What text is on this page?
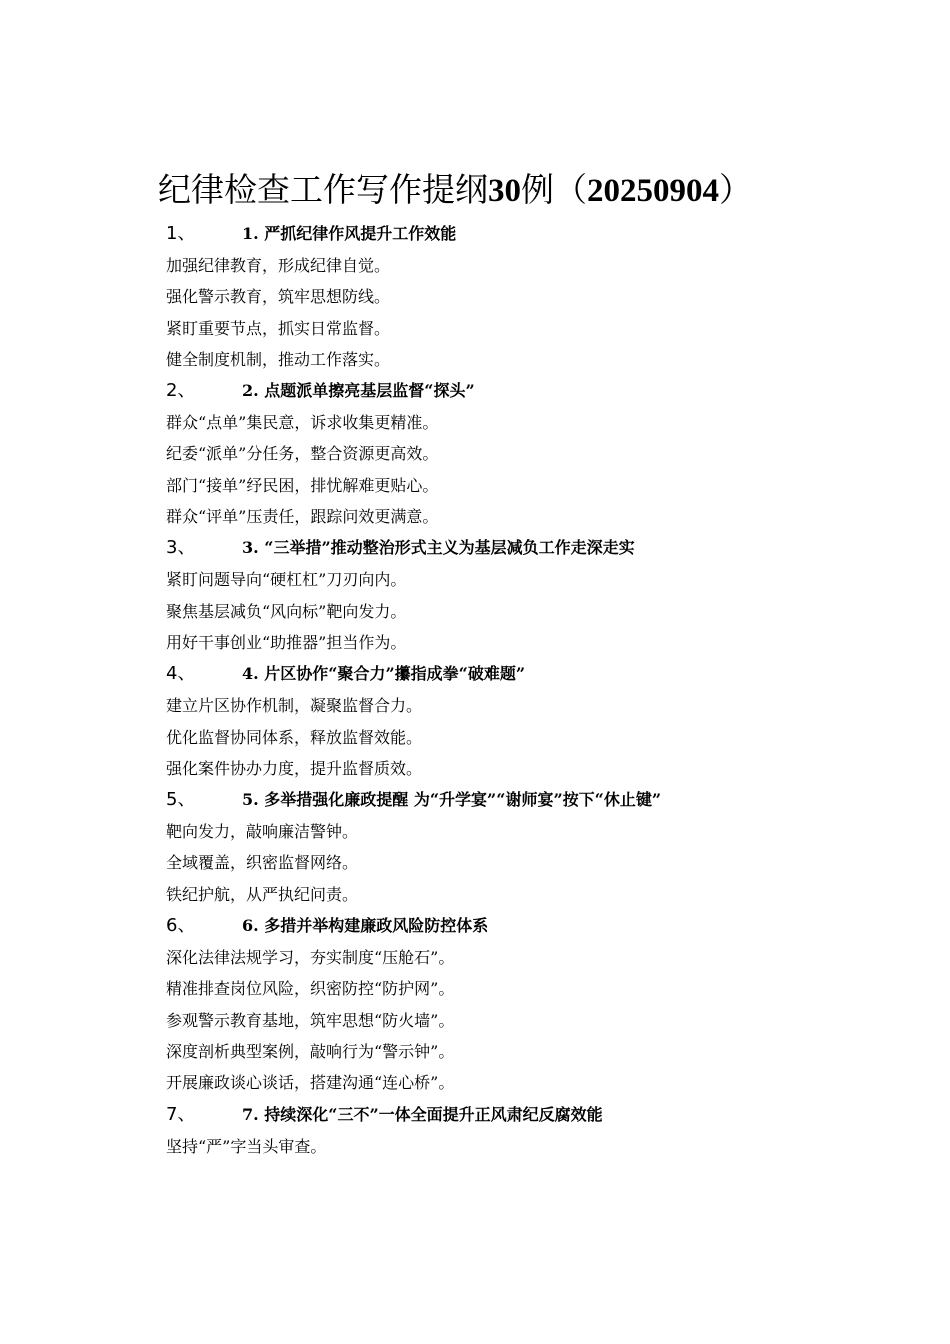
纪律检查工作写作提纲30例（20250904）
1、	1. 严抓纪律作风提升工作效能
加强纪律教育，形成纪律自觉。
强化警示教育，筑牢思想防线。
紧盯重要节点，抓实日常监督。
健全制度机制，推动工作落实。
2、	2. 点题派单擦亮基层监督“探头”
群众“点单”集民意，诉求收集更精准。
纪委“派单”分任务，整合资源更高效。
部门“接单”纾民困，排忧解难更贴心。
群众“评单”压责任，跟踪问效更满意。
3、	3. “三举措”推动整治形式主义为基层减负工作走深走实
紧盯问题导向“硬杠杠”刀刃向内。
聚焦基层减负“风向标”靶向发力。
用好干事创业“助推器”担当作为。
4、	4. 片区协作“聚合力”攥指成拳“破难题”
建立片区协作机制，凝聚监督合力。
优化监督协同体系，释放监督效能。
强化案件协办力度，提升监督质效。
5、	5. 多举措强化廉政提醒 为“升学宴”“谢师宴”按下“休止键”
靶向发力，敲响廉洁警钟。
全域覆盖，织密监督网络。
铁纪护航，从严执纪问责。
6、	6. 多措并举构建廉政风险防控体系
深化法律法规学习，夯实制度“压舱石”。
精准排查岗位风险，织密防控“防护网”。
参观警示教育基地，筑牢思想“防火墙”。
深度剖析典型案例，敲响行为“警示钟”。
开展廉政谈心谈话，搭建沟通“连心桥”。
7、	7. 持续深化“三不”一体全面提升正风肃纪反腐效能
坚持“严”字当头审查。
